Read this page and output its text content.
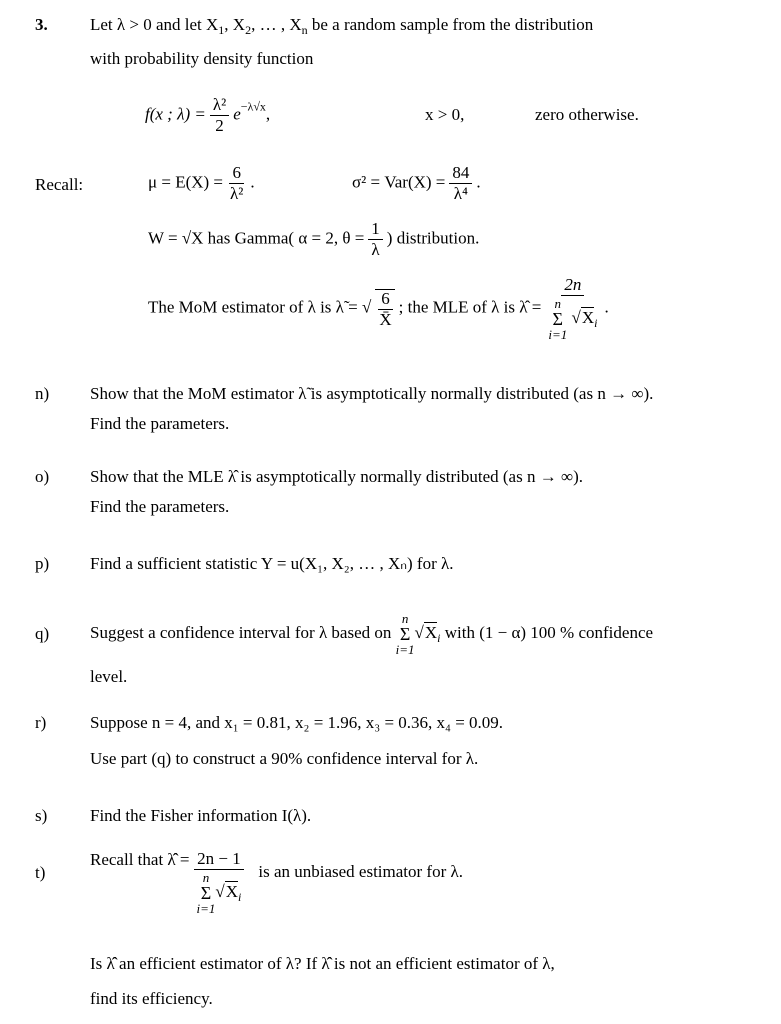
3. Let λ > 0 and let $X_1$, $X_2$, … , $X_n$ be a random sample from the distribution
with probability density function
f(x ; $\lambda) = \frac{\text{λ²}}{2} e^{-\lambda√x}$,	x > 0,	zero otherwise.
Recall:	$\mu = E(X) = \frac{6}{\text{λ²}}$ .	$\sigma^2 = Var(X) = \frac{84}{\text{λ⁴}}$ .
W = √X has Gamma( α = 2, $\theta = \frac{1}{\lambda}$ ) distribution.
The MoM estimator of λ is λ̃ = √ $\frac{6}{X̄}$ ; the MLE of λ is λ̂ = 2n
n
Σ
i=1
$√X_i$ .
n) Show that the MoM estimator λ̃ is asymptotically normally distributed (as n → ∞).
Find the parameters.
o) Show that the MLE λ̂ is asymptotically normally distributed (as n → ∞).
Find the parameters.
p) Find a sufficient statistic Y = u(X₁, X₂, … , Xₙ) for λ.
q) Suggest a confidence interval for λ based on
n
Σ
i=1
$√X_i$ with (1 − α) 100 % confidence
level.
r)	Suppose n = 4, and x₁ = 0.81, x₂ = 1.96, x₃ = 0.36, x₄ = 0.09.
Use part (q) to construct a 90% confidence interval for λ.
s)	Find the Fisher information I(λ).
t)
Recall that λ̂̂ = 2n − 1
n
Σ
i=1
$√X_i$ is an unbiased estimator for λ.
Is λ̂̂ an efficient estimator of λ? If λ̂̂ is not an efficient estimator of λ,
find its efficiency.
